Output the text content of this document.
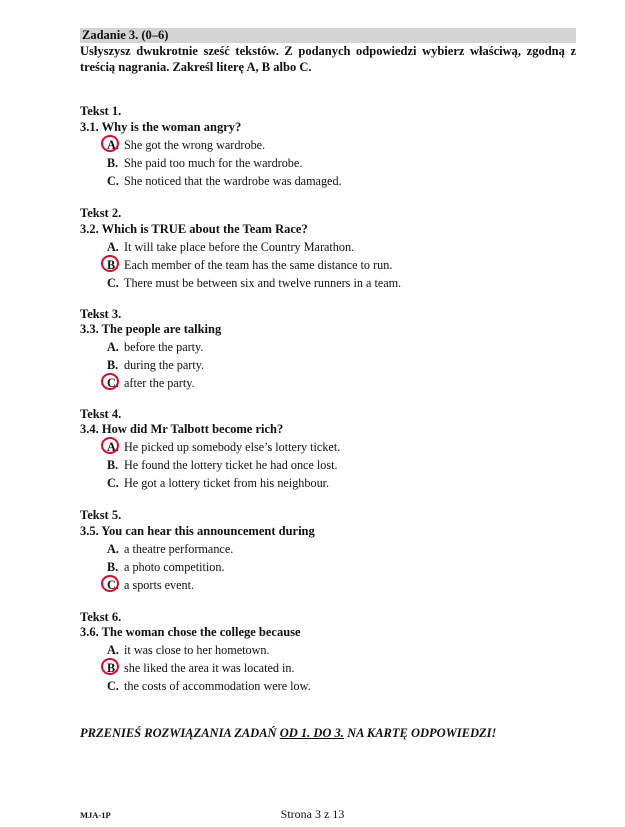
Zadanie 3. (0–6)
Usłyszysz dwukrotnie sześć tekstów. Z podanych odpowiedzi wybierz właściwą, zgodną z treścią nagrania. Zakreśl literę A, B albo C.
Tekst 1.
3.1. Why is the woman angry?
A. She got the wrong wardrobe.
B. She paid too much for the wardrobe.
C. She noticed that the wardrobe was damaged.
Tekst 2.
3.2. Which is TRUE about the Team Race?
A. It will take place before the Country Marathon.
B. Each member of the team has the same distance to run.
C. There must be between six and twelve runners in a team.
Tekst 3.
3.3. The people are talking
A. before the party.
B. during the party.
C. after the party.
Tekst 4.
3.4. How did Mr Talbott become rich?
A. He picked up somebody else’s lottery ticket.
B. He found the lottery ticket he had once lost.
C. He got a lottery ticket from his neighbour.
Tekst 5.
3.5. You can hear this announcement during
A. a theatre performance.
B. a photo competition.
C. a sports event.
Tekst 6.
3.6. The woman chose the college because
A. it was close to her hometown.
B. she liked the area it was located in.
C. the costs of accommodation were low.
PRZENIEŚ ROZWIĄZANIA ZADAŃ OD 1. DO 3. NA KARTĘ ODPOWIEDZI!
MJA-1P	Strona 3 z 13
